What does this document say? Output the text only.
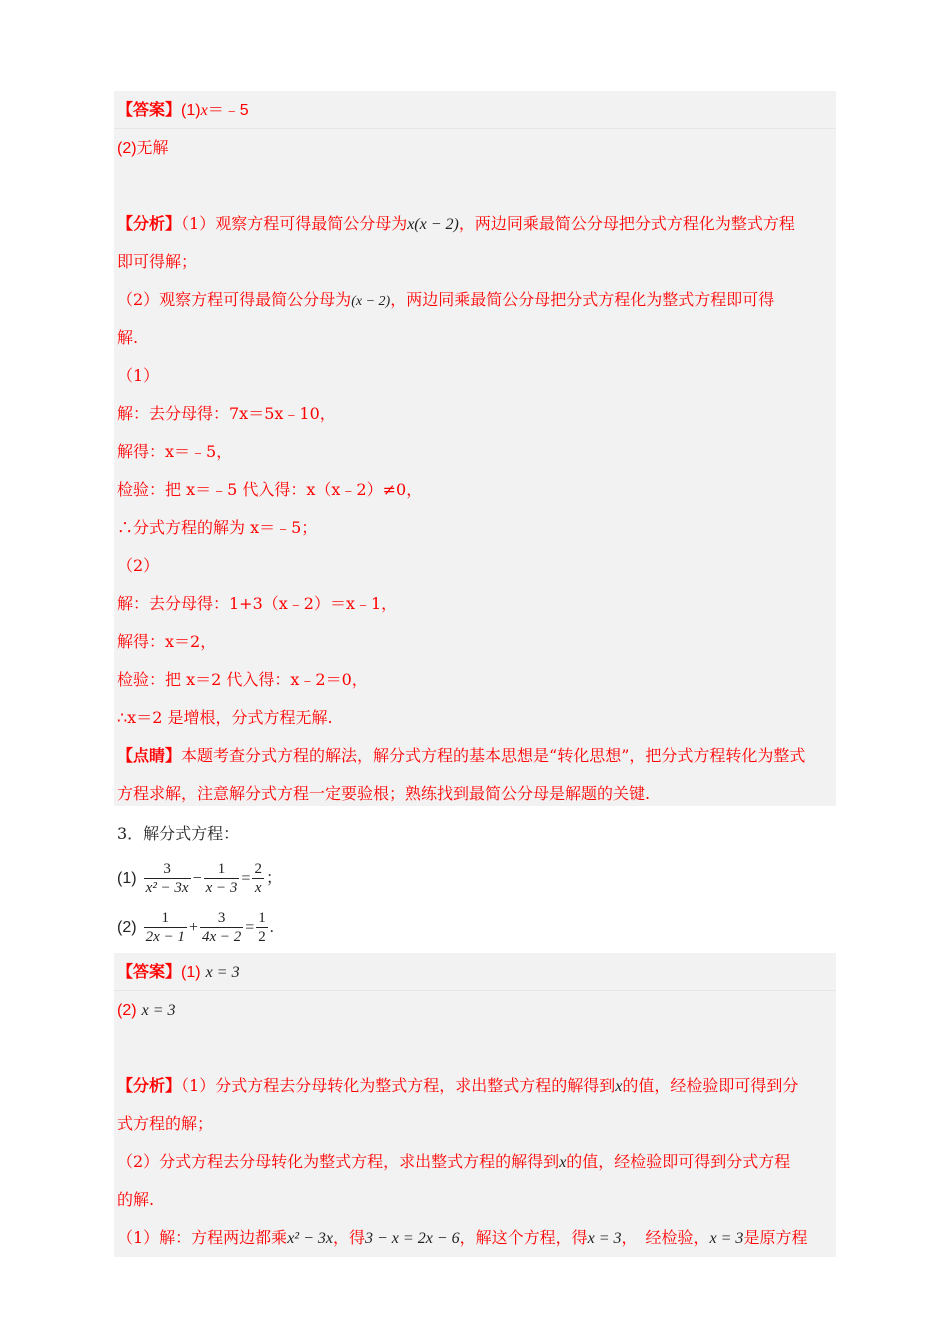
【答案】(1)x＝﹣5
(2)无解
【分析】（1）观察方程可得最简公分母为x(x − 2)，两边同乘最简公分母把分式方程化为整式方程
即可得解；
（2）观察方程可得最简公分母为(x − 2)，两边同乘最简公分母把分式方程化为整式方程即可得
解.
（1）
解：去分母得：7x＝5x﹣10，
解得：x＝﹣5，
检验：把 x＝﹣5 代入得：x（x﹣2）≠0，
∴分式方程的解为 x＝﹣5；
（2）
解：去分母得：1+3（x﹣2）＝x﹣1，
解得：x＝2，
检验：把 x＝2 代入得：x﹣2＝0，
∴x＝2 是增根，分式方程无解.
【点睛】本题考查分式方程的解法，解分式方程的基本思想是“转化思想”，把分式方程转化为整式
方程求解，注意解分式方程一定要验根；熟练找到最简公分母是解题的关键.
3．解分式方程：
$(1) \frac{3}{\text{x² − 3x}} - \frac{1}{x - 3} = \frac{2}{x}$ ；
$(2) \frac{1}{2x - 1} + \frac{3}{4x - 2} = \frac{1}{2}$ .
【答案】(1) x = 3
(2) x = 3
【分析】（1）分式方程去分母转化为整式方程，求出整式方程的解得到x的值，经检验即可得到分
式方程的解；
（2）分式方程去分母转化为整式方程，求出整式方程的解得到x的值，经检验即可得到分式方程
的解.
（1）解：方程两边都乘x² − 3x，得3 − x = 2x − 6，解这个方程，得x = 3，　经检验，x = 3是原方程
